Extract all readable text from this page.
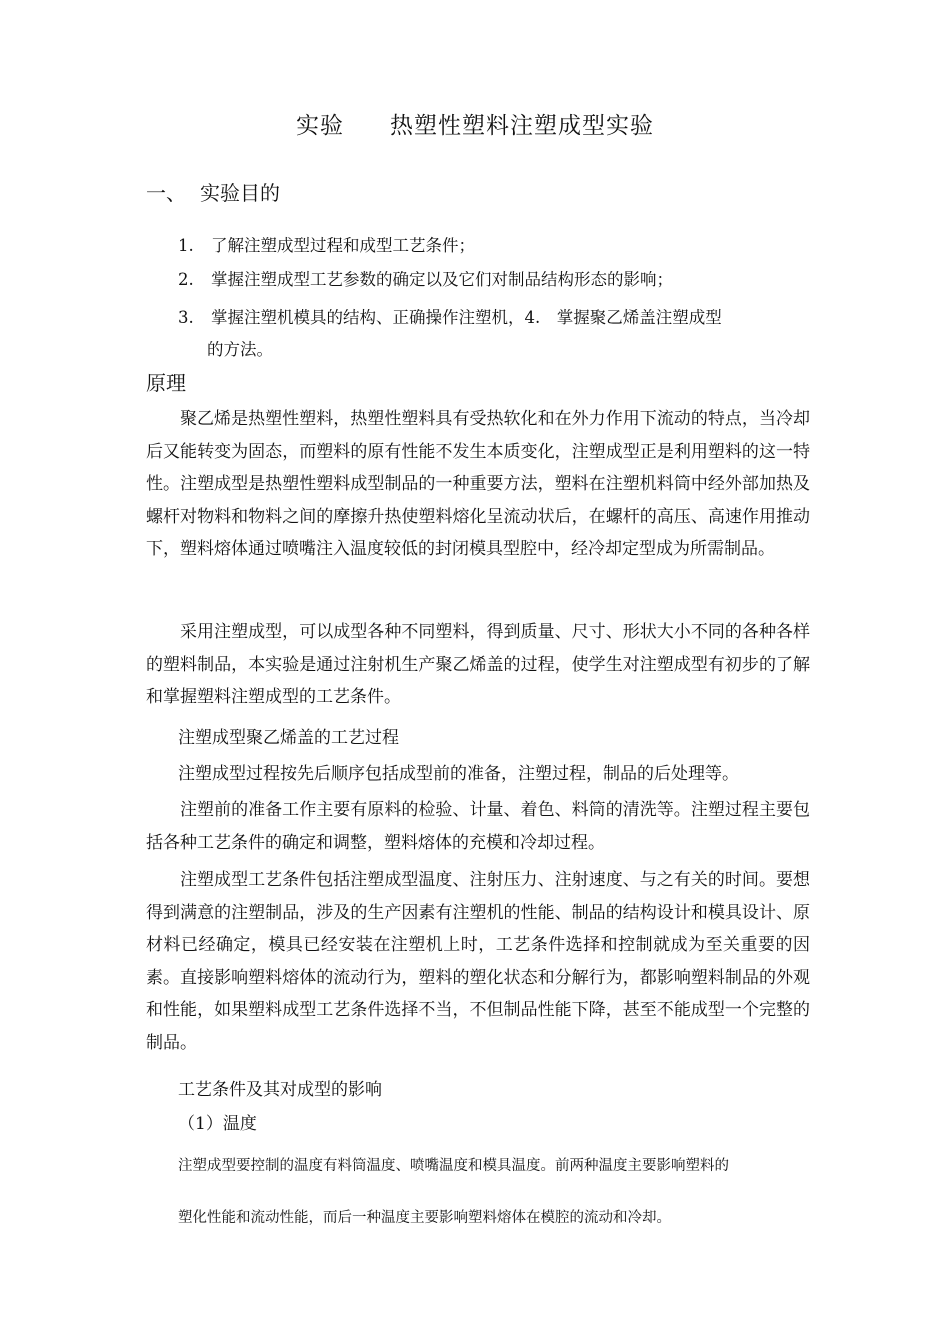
实验 热塑性塑料注塑成型实验
一、 实验目的
1. 了解注塑成型过程和成型工艺条件；
2. 掌握注塑成型工艺参数的确定以及它们对制品结构形态的影响；
3. 掌握注塑机模具的结构、正确操作注塑机，4.　掌握聚乙烯盖注塑成型
的方法。
原理
聚乙烯是热塑性塑料，热塑性塑料具有受热软化和在外力作用下流动的特点，当冷却后又能转变为固态，而塑料的原有性能不发生本质变化，注塑成型正是利用塑料的这一特性。注塑成型是热塑性塑料成型制品的一种重要方法，塑料在注塑机料筒中经外部加热及螺杆对物料和物料之间的摩擦升热使塑料熔化呈流动状后，在螺杆的高压、高速作用推动下，塑料熔体通过喷嘴注入温度较低的封闭模具型腔中，经冷却定型成为所需制品。
采用注塑成型，可以成型各种不同塑料，得到质量、尺寸、形状大小不同的各种各样的塑料制品，本实验是通过注射机生产聚乙烯盖的过程，使学生对注塑成型有初步的了解和掌握塑料注塑成型的工艺条件。
注塑成型聚乙烯盖的工艺过程
注塑成型过程按先后顺序包括成型前的准备，注塑过程，制品的后处理等。
注塑前的准备工作主要有原料的检验、计量、着色、料筒的清洗等。注塑过程主要包括各种工艺条件的确定和调整，塑料熔体的充模和冷却过程。
注塑成型工艺条件包括注塑成型温度、注射压力、注射速度、与之有关的时间。要想得到满意的注塑制品，涉及的生产因素有注塑机的性能、制品的结构设计和模具设计、原材料已经确定，模具已经安装在注塑机上时，工艺条件选择和控制就成为至关重要的因素。直接影响塑料熔体的流动行为，塑料的塑化状态和分解行为，都影响塑料制品的外观和性能，如果塑料成型工艺条件选择不当，不但制品性能下降，甚至不能成型一个完整的制品。
工艺条件及其对成型的影响
（1）温度
注塑成型要控制的温度有料筒温度、喷嘴温度和模具温度。前两种温度主要影响塑料的
塑化性能和流动性能，而后一种温度主要影响塑料熔体在模腔的流动和冷却。
